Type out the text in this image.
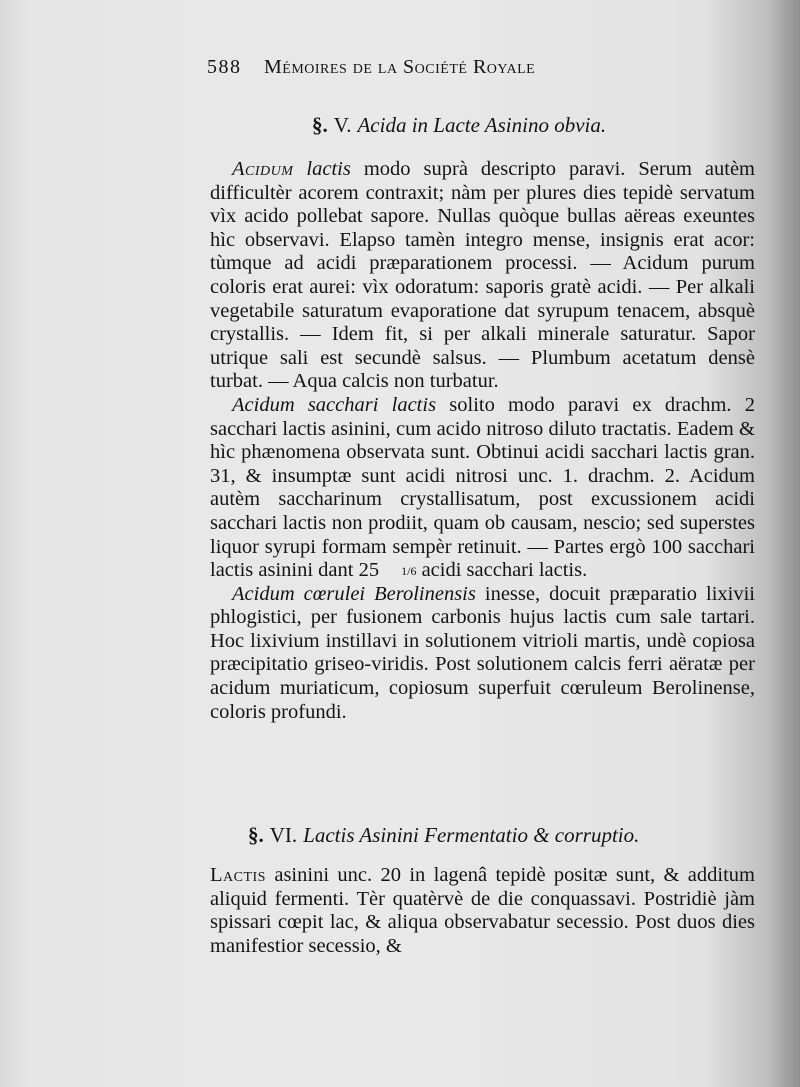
588 Mémoires de la Société Royale
§. V. Acida in Lacte Asinino obvia.

Acidum lactis modo suprà descripto paravi. Serum autèm difficultèr acorem contraxit; nàm per plures dies tepidè servatum vìx acido pollebat sapore. Nullas quòque bullas aëreas exeuntes hìc observavi. Elapso tamèn integro mense, insignis erat acor: tùmque ad acidi præparationem processi. — Acidum purum coloris erat aurei: vìx odoratum: saporis gratè acidi. — Per alkali vegetabile saturatum evaporatione dat syrupum tenacem, absquè crystallis. — Idem fit, si per alkali minerale saturatur. Sapor utrique sali est secundè salsus. — Plumbum acetatum densè turbat. — Aqua calcis non turbatur.

Acidum sacchari lactis solito modo paravi ex drachm. 2 sacchari lactis asinini, cum acido nitroso diluto tractatis. Eadem & hìc phænomena observata sunt. Obtinui acidi sacchari lactis gran. 31, & insumptæ sunt acidi nitrosi unc. 1. drachm. 2. Acidum autèm saccharinum crystallisatum, post excussionem acidi sacchari lactis non prodiit, quam ob causam, nescio; sed superstes liquor syrupi formam sempèr retinuit. — Partes ergò 100 sacchari lactis asinini dant 25 1/6 acidi sacchari lactis.

Acidum cœrulei Berolinensis inesse, docuit præparatio lixivii phlogistici, per fusionem carbonis hujus lactis cum sale tartari. Hoc lixivium instillavi in solutionem vitrioli martis, undè copiosa præcipitatio griseo-viridis. Post solutionem calcis ferri aëratæ per acidum muriaticum, copiosum superfuit cœruleum Berolinense, coloris profundi.

§. VI. Lactis Asinini Fermentatio & corruptio.

Lactis asinini unc. 20 in lagenâ tepidè positæ sunt, & additum aliquid fermenti. Tèr quatèrvè de die conquassavi. Postridiè jàm spissari cœpit lac, & aliqua observabatur secessio. Post duos dies manifestior secessio, &
